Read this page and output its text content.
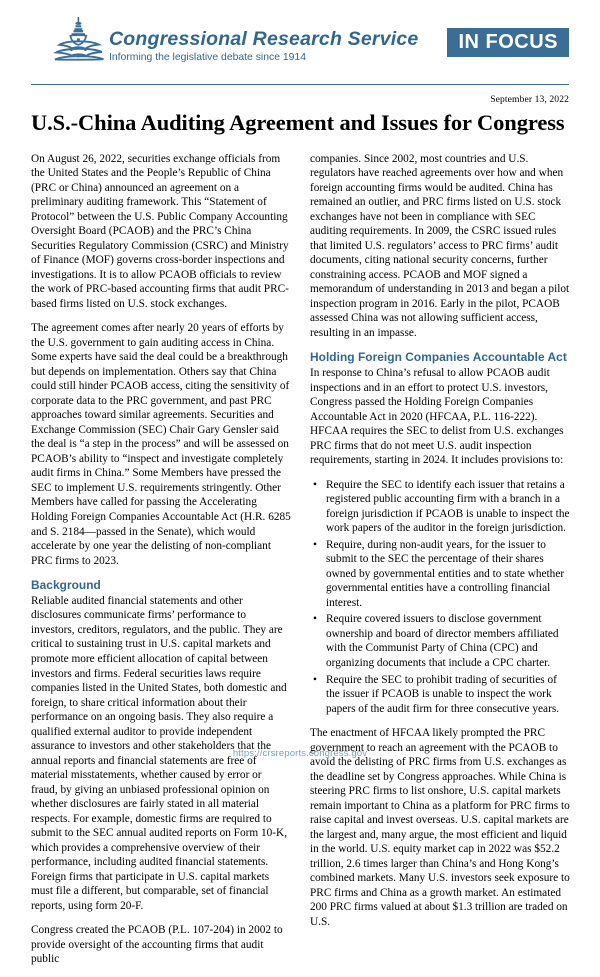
Congressional Research Service
Informing the legislative debate since 1914
IN FOCUS
September 13, 2022
U.S.-China Auditing Agreement and Issues for Congress

On August 26, 2022, securities exchange officials from the United States and the People’s Republic of China (PRC or China) announced an agreement on a preliminary auditing framework. This “Statement of Protocol” between the U.S. Public Company Accounting Oversight Board (PCAOB) and the PRC’s China Securities Regulatory Commission (CSRC) and Ministry of Finance (MOF) governs cross-border inspections and investigations. It is to allow PCAOB officials to review the work of PRC-based accounting firms that audit PRC-based firms listed on U.S. stock exchanges.

The agreement comes after nearly 20 years of efforts by the U.S. government to gain auditing access in China. Some experts have said the deal could be a breakthrough but depends on implementation. Others say that China could still hinder PCAOB access, citing the sensitivity of corporate data to the PRC government, and past PRC approaches toward similar agreements. Securities and Exchange Commission (SEC) Chair Gary Gensler said the deal is “a step in the process” and will be assessed on PCAOB’s ability to “inspect and investigate completely audit firms in China.” Some Members have pressed the SEC to implement U.S. requirements stringently. Other Members have called for passing the Accelerating Holding Foreign Companies Accountable Act (H.R. 6285 and S. 2184—passed in the Senate), which would accelerate by one year the delisting of non-compliant PRC firms to 2023.

Background

Reliable audited financial statements and other disclosures communicate firms’ performance to investors, creditors, regulators, and the public. They are critical to sustaining trust in U.S. capital markets and promote more efficient allocation of capital between investors and firms. Federal securities laws require companies listed in the United States, both domestic and foreign, to share critical information about their performance on an ongoing basis. They also require a qualified external auditor to provide independent assurance to investors and other stakeholders that the annual reports and financial statements are free of material misstatements, whether caused by error or fraud, by giving an unbiased professional opinion on whether disclosures are fairly stated in all material respects. For example, domestic firms are required to submit to the SEC annual audited reports on Form 10-K, which provides a comprehensive overview of their performance, including audited financial statements. Foreign firms that participate in U.S. capital markets must file a different, but comparable, set of financial reports, using form 20-F.

Congress created the PCAOB (P.L. 107-204) in 2002 to provide oversight of the accounting firms that audit public

companies. Since 2002, most countries and U.S. regulators have reached agreements over how and when foreign accounting firms would be audited. China has remained an outlier, and PRC firms listed on U.S. stock exchanges have not been in compliance with SEC auditing requirements. In 2009, the CSRC issued rules that limited U.S. regulators’ access to PRC firms’ audit documents, citing national security concerns, further constraining access. PCAOB and MOF signed a memorandum of understanding in 2013 and began a pilot inspection program in 2016. Early in the pilot, PCAOB assessed China was not allowing sufficient access, resulting in an impasse.

Holding Foreign Companies Accountable Act

In response to China’s refusal to allow PCAOB audit inspections and in an effort to protect U.S. investors, Congress passed the Holding Foreign Companies Accountable Act in 2020 (HFCAA, P.L. 116-222). HFCAA requires the SEC to delist from U.S. exchanges PRC firms that do not meet U.S. audit inspection requirements, starting in 2024. It includes provisions to:

• Require the SEC to identify each issuer that retains a registered public accounting firm with a branch in a foreign jurisdiction if PCAOB is unable to inspect the work papers of the auditor in the foreign jurisdiction.
• Require, during non-audit years, for the issuer to submit to the SEC the percentage of their shares owned by governmental entities and to state whether governmental entities have a controlling financial interest.
• Require covered issuers to disclose government ownership and board of director members affiliated with the Communist Party of China (CPC) and organizing documents that include a CPC charter.
• Require the SEC to prohibit trading of securities of the issuer if PCAOB is unable to inspect the work papers of the audit firm for three consecutive years.

The enactment of HFCAA likely prompted the PRC government to reach an agreement with the PCAOB to avoid the delisting of PRC firms from U.S. exchanges as the deadline set by Congress approaches. While China is steering PRC firms to list onshore, U.S. capital markets remain important to China as a platform for PRC firms to raise capital and invest overseas. U.S. capital markets are the largest and, many argue, the most efficient and liquid in the world. U.S. equity market cap in 2022 was $52.2 trillion, 2.6 times larger than China’s and Hong Kong’s combined markets. Many U.S. investors seek exposure to PRC firms and China as a growth market. An estimated 200 PRC firms valued at about $1.3 trillion are traded on U.S.

https://crsreports.congress.gov
